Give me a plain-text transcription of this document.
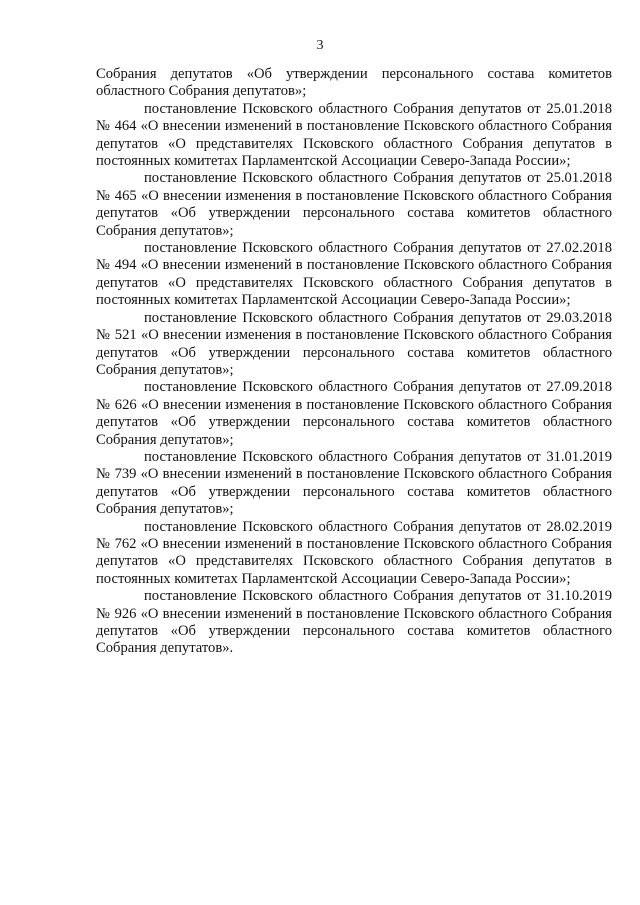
3

Собрания депутатов «Об утверждении персонального состава комитетов областного Собрания депутатов»;

постановление Псковского областного Собрания депутатов от 25.01.2018 № 464 «О внесении изменений в постановление Псковского областного Собрания депутатов «О представителях Псковского областного Собрания депутатов в постоянных комитетах Парламентской Ассоциации Северо-Запада России»;

постановление Псковского областного Собрания депутатов от 25.01.2018 № 465 «О внесении изменения в постановление Псковского областного Собрания депутатов «Об утверждении персонального состава комитетов областного Собрания депутатов»;

постановление Псковского областного Собрания депутатов от 27.02.2018 № 494 «О внесении изменений в постановление Псковского областного Собрания депутатов «О представителях Псковского областного Собрания депутатов в постоянных комитетах Парламентской Ассоциации Северо-Запада России»;

постановление Псковского областного Собрания депутатов от 29.03.2018 № 521 «О внесении изменения в постановление Псковского областного Собрания депутатов «Об утверждении персонального состава комитетов областного Собрания депутатов»;

постановление Псковского областного Собрания депутатов от 27.09.2018 № 626 «О внесении изменения в постановление Псковского областного Собрания депутатов «Об утверждении персонального состава комитетов областного Собрания депутатов»;

постановление Псковского областного Собрания депутатов от 31.01.2019 № 739 «О внесении изменений в постановление Псковского областного Собрания депутатов «Об утверждении персонального состава комитетов областного Собрания депутатов»;

постановление Псковского областного Собрания депутатов от 28.02.2019 № 762 «О внесении изменений в постановление Псковского областного Собрания депутатов «О представителях Псковского областного Собрания депутатов в постоянных комитетах Парламентской Ассоциации Северо-Запада России»;

постановление Псковского областного Собрания депутатов от 31.10.2019 № 926 «О внесении изменений в постановление Псковского областного Собрания депутатов «Об утверждении персонального состава комитетов областного Собрания депутатов».
